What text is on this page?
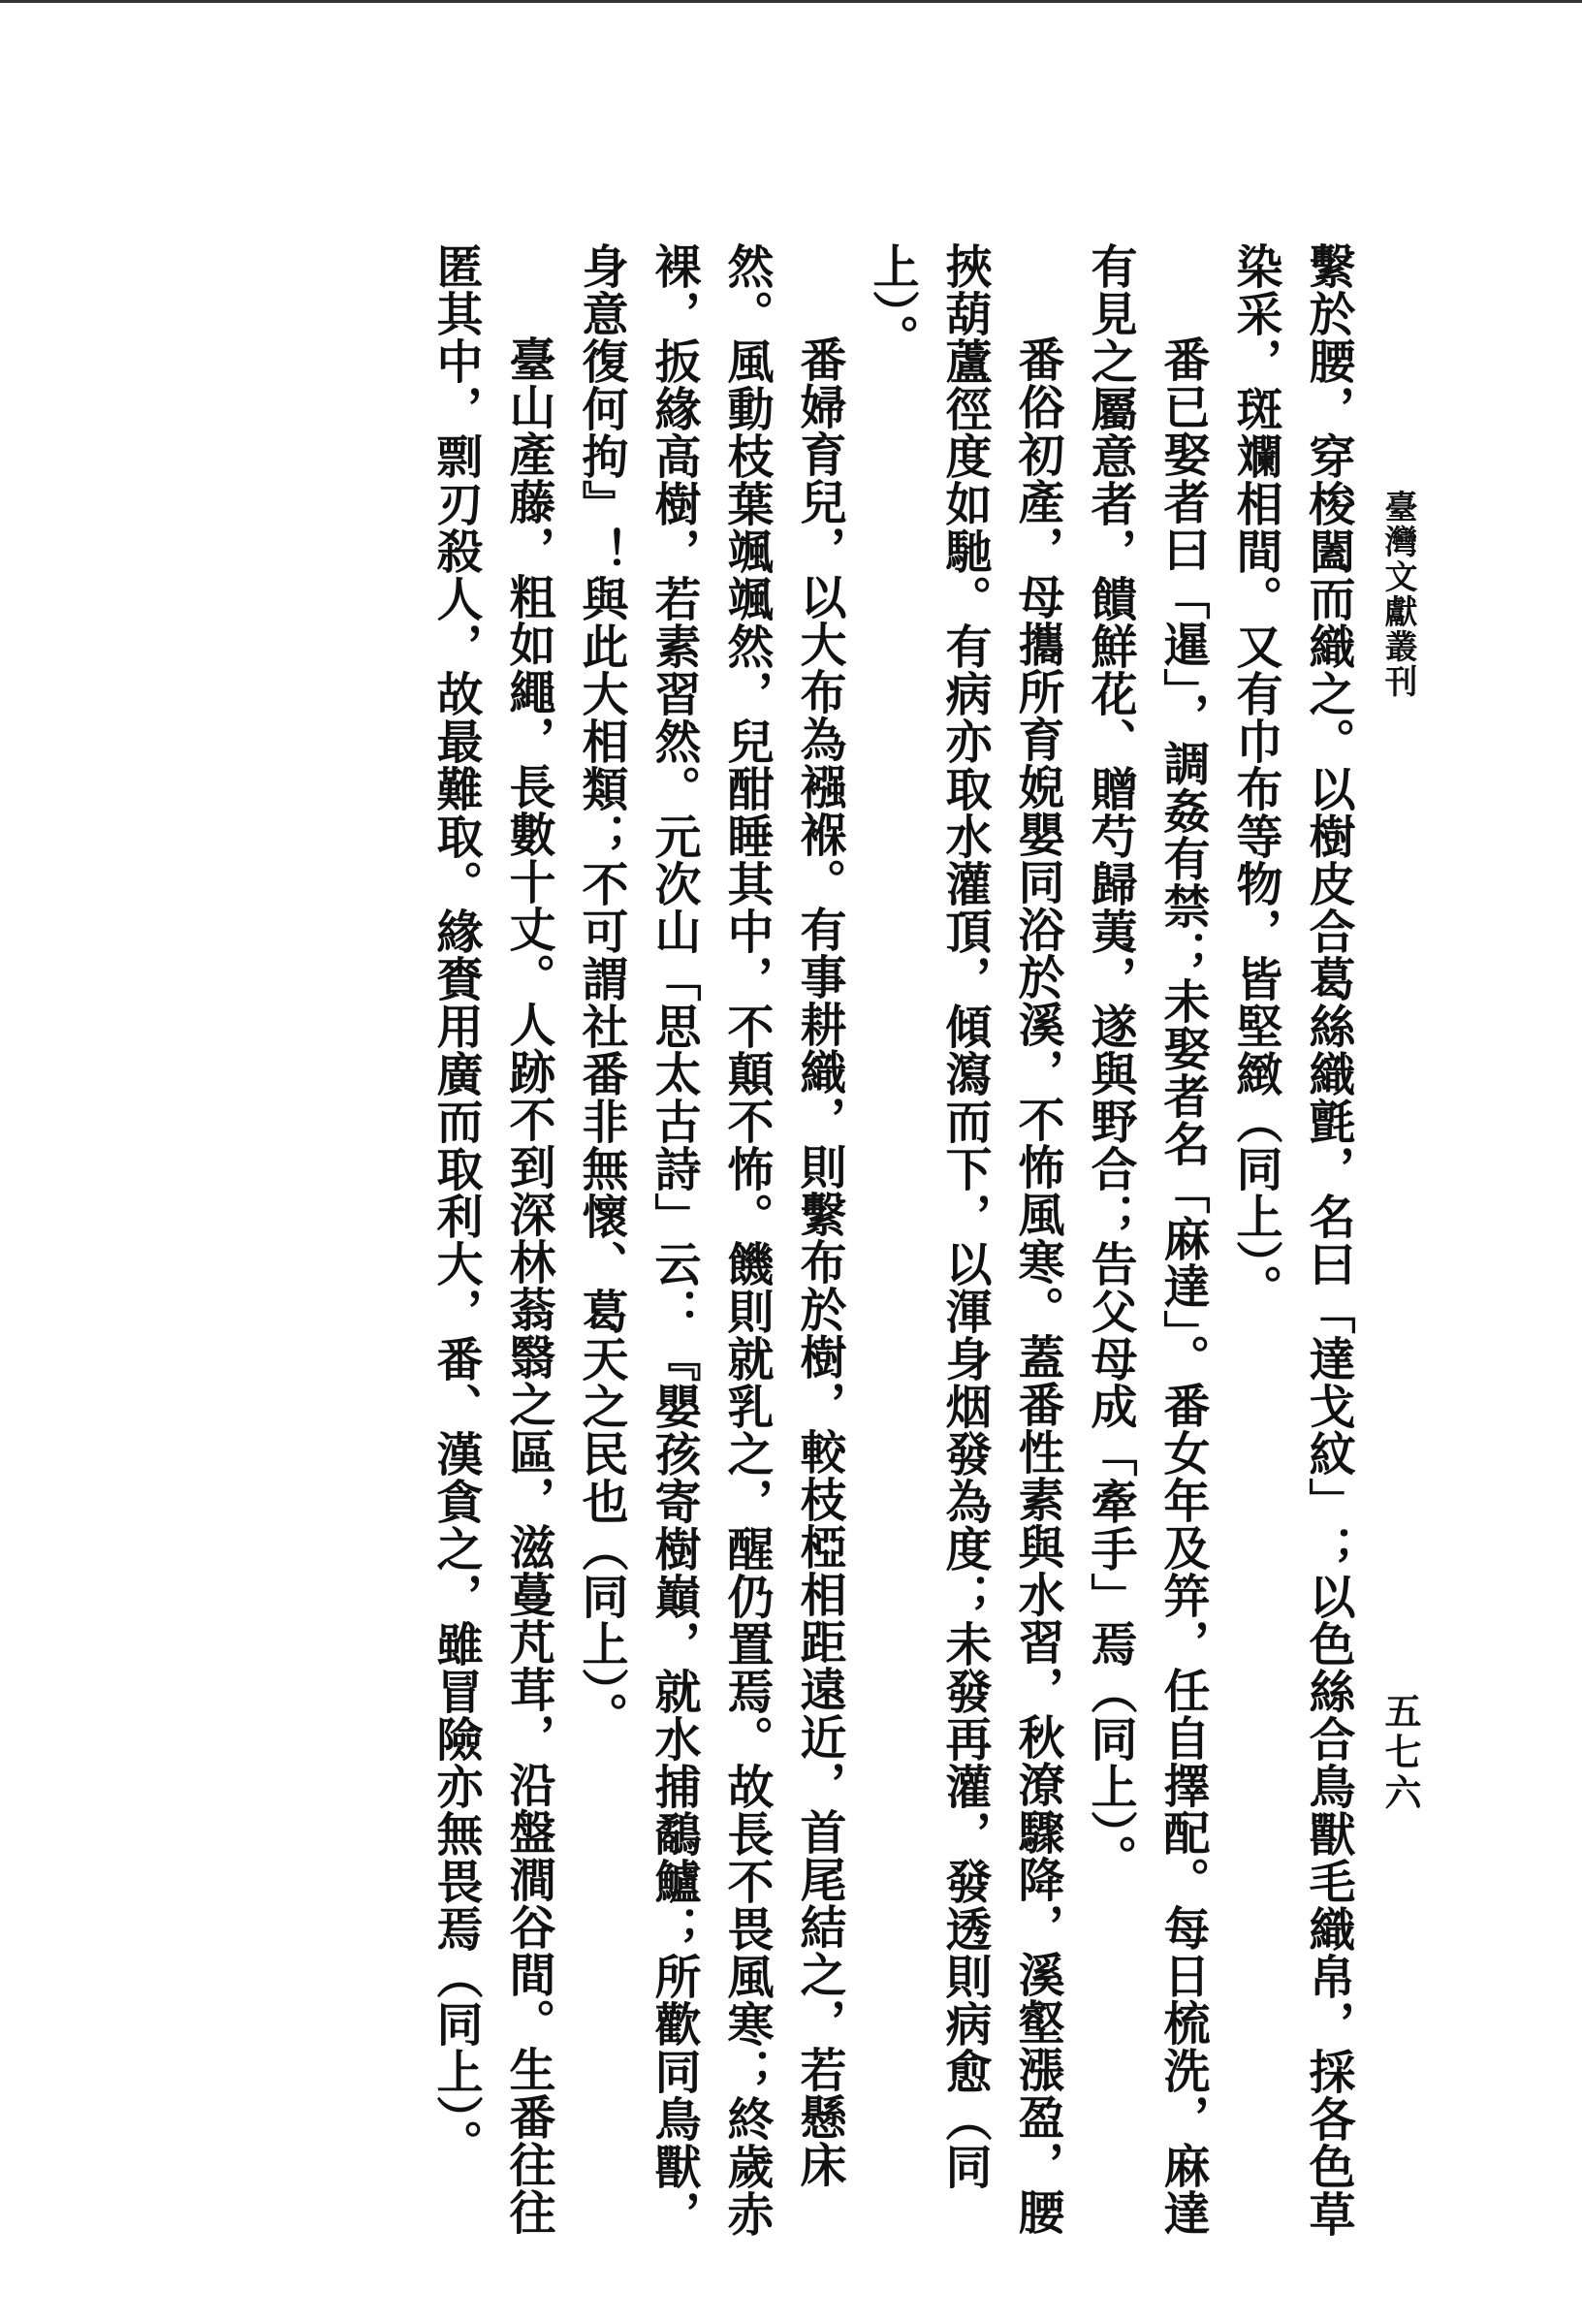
臺灣文獻叢刊
五七六

繫於腰，穿梭闔而織之。以樹皮合葛絲織氈，名曰「達戈紋」；以色絲合鳥獸毛織帛，採各色草染采，斑斕相間。又有巾布等物，皆堅緻（同上）。

番已娶者曰「暹」，調姦有禁；未娶者名「麻達」。番女年及笄，任自擇配。每日梳洗，麻達有見之屬意者，饋鮮花、贈芍歸荑，遂與野合；告父母成「牽手」焉（同上）。

番俗初產，母攜所育婗嬰同浴於溪，不怖風寒。蓋番性素與水習，秋潦驟降，溪壑漲盈，腰挾葫蘆徑度如馳。有病亦取水灌頂，傾瀉而下，以渾身烟發為度；未發再灌，發透則病愈（同上）。

番婦育兒，以大布為襁褓。有事耕織，則繫布於樹，較枝椏相距遠近，首尾結之，若懸床然。風動枝葉颯颯然，兒酣睡其中，不顛不怖。饑則就乳之，醒仍置焉。故長不畏風寒；終歲赤裸，扳緣高樹，若素習然。元次山「思太古詩」云：『嬰孩寄樹巔，就水捕鷸鱸；所歡同鳥獸，身意復何拘』！與此大相類；不可謂社番非無懷、葛天之民也（同上）。

臺山產藤，粗如繩，長數十丈。人跡不到深林蓊翳之區，滋蔓芃茸，沿盤澗谷間。生番往往匿其中，剽刃殺人，故最難取。緣賚用廣而取利大，番、漢貪之，雖冒險亦無畏焉（同上）。
